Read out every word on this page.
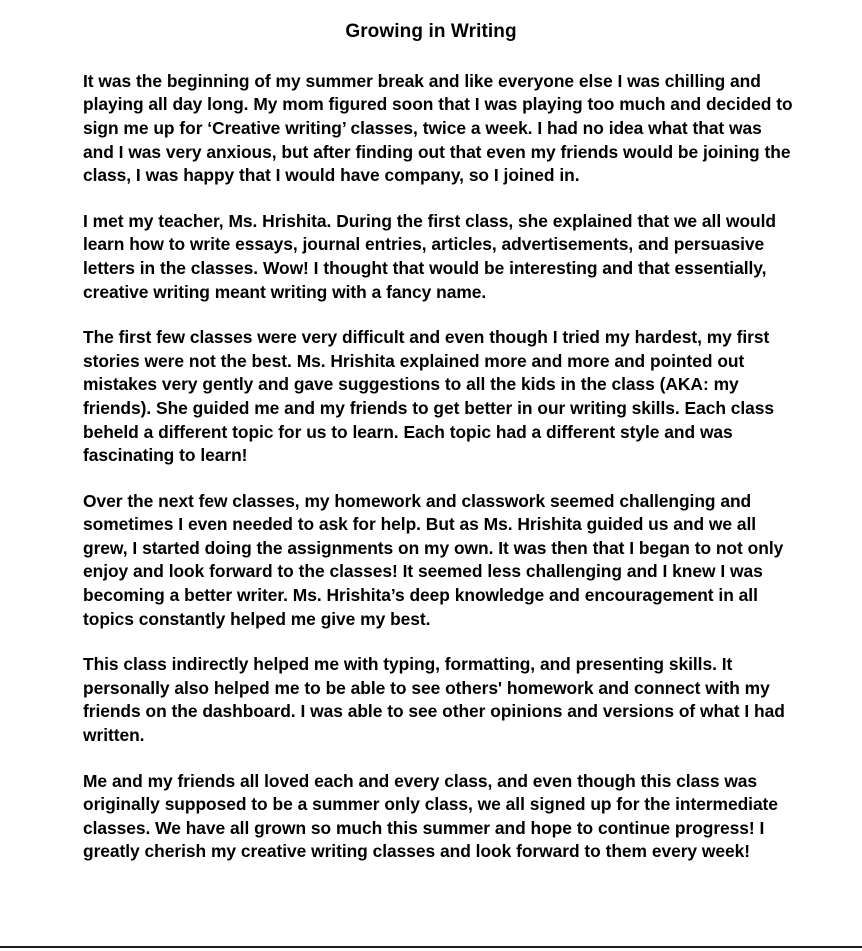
Growing in Writing

It was the beginning of my summer break and like everyone else I was chilling and playing all day long. My mom figured soon that I was playing too much and decided to sign me up for ‘Creative writing’ classes, twice a week. I had no idea what that was and I was very anxious, but after finding out that even my friends would be joining the class, I was happy that I would have company, so I joined in.

I met my teacher, Ms. Hrishita. During the first class, she explained that we all would learn how to write essays, journal entries, articles, advertisements, and persuasive letters in the classes. Wow! I thought that would be interesting and that essentially, creative writing meant writing with a fancy name.

The first few classes were very difficult and even though I tried my hardest, my first stories were not the best. Ms. Hrishita explained more and more and pointed out mistakes very gently and gave suggestions to all the kids in the class (AKA: my friends). She guided me and my friends to get better in our writing skills. Each class beheld a different topic for us to learn. Each topic had a different style and was fascinating to learn!

Over the next few classes, my homework and classwork seemed challenging and sometimes I even needed to ask for help. But as Ms. Hrishita guided us and we all grew, I started doing the assignments on my own. It was then that I began to not only enjoy and look forward to the classes! It seemed less challenging and I knew I was becoming a better writer. Ms. Hrishita’s deep knowledge and encouragement in all topics constantly helped me give my best.

This class indirectly helped me with typing, formatting, and presenting skills. It personally also helped me to be able to see others' homework and connect with my friends on the dashboard. I was able to see other opinions and versions of what I had written.

Me and my friends all loved each and every class, and even though this class was originally supposed to be a summer only class, we all signed up for the intermediate classes. We have all grown so much this summer and hope to continue progress! I greatly cherish my creative writing classes and look forward to them every week!
